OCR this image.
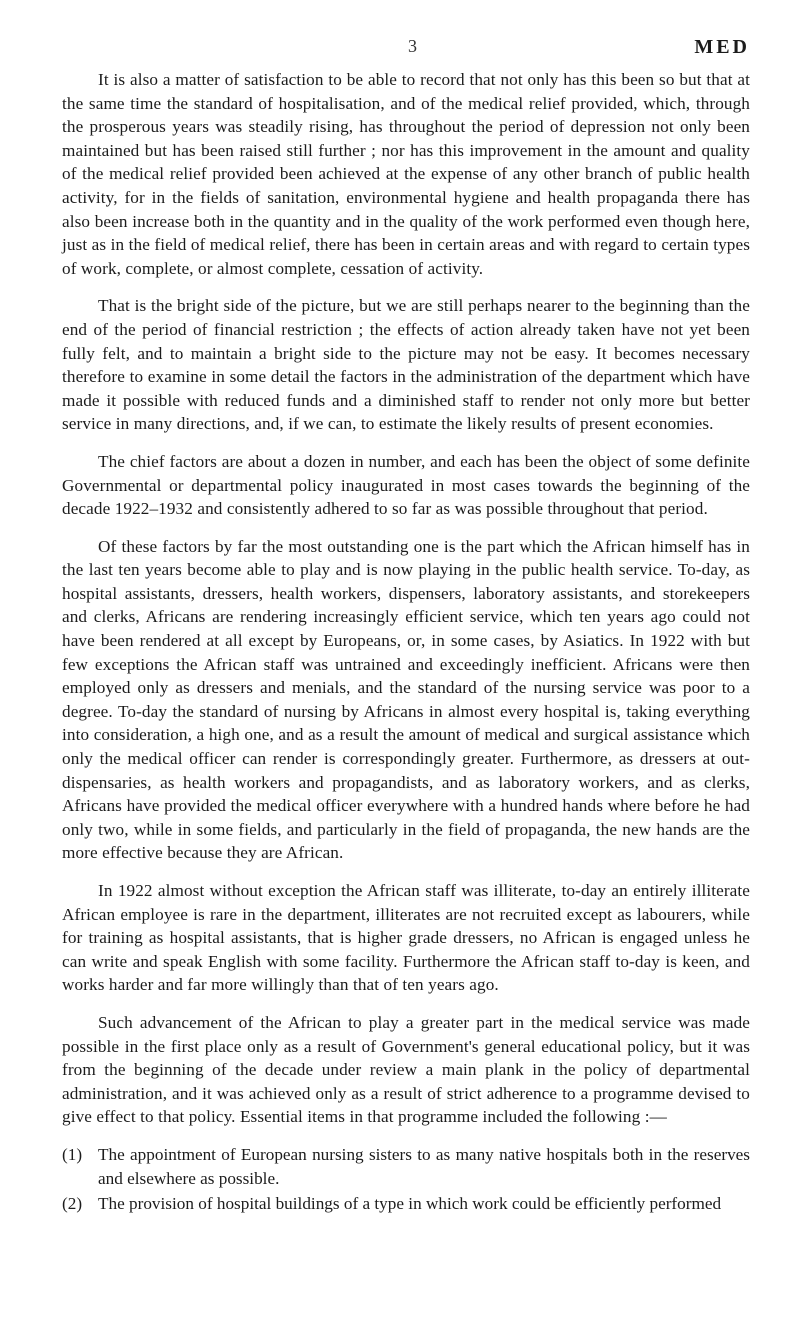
3	MED

It is also a matter of satisfaction to be able to record that not only has this been so but that at the same time the standard of hospitalisation, and of the medical relief provided, which, through the prosperous years was steadily rising, has throughout the period of depression not only been maintained but has been raised still further ; nor has this improvement in the amount and quality of the medical relief provided been achieved at the expense of any other branch of public health activity, for in the fields of sanitation, environmental hygiene and health propaganda there has also been increase both in the quantity and in the quality of the work performed even though here, just as in the field of medical relief, there has been in certain areas and with regard to certain types of work, complete, or almost complete, cessation of activity.

That is the bright side of the picture, but we are still perhaps nearer to the beginning than the end of the period of financial restriction ; the effects of action already taken have not yet been fully felt, and to maintain a bright side to the picture may not be easy. It becomes necessary therefore to examine in some detail the factors in the administration of the department which have made it possible with reduced funds and a diminished staff to render not only more but better service in many directions, and, if we can, to estimate the likely results of present economies.

The chief factors are about a dozen in number, and each has been the object of some definite Governmental or departmental policy inaugurated in most cases towards the beginning of the decade 1922–1932 and consistently adhered to so far as was possible throughout that period.

Of these factors by far the most outstanding one is the part which the African himself has in the last ten years become able to play and is now playing in the public health service. To-day, as hospital assistants, dressers, health workers, dispensers, laboratory assistants, and storekeepers and clerks, Africans are rendering increasingly efficient service, which ten years ago could not have been rendered at all except by Europeans, or, in some cases, by Asiatics. In 1922 with but few exceptions the African staff was untrained and exceedingly inefficient. Africans were then employed only as dressers and menials, and the standard of the nursing service was poor to a degree. To-day the standard of nursing by Africans in almost every hospital is, taking everything into consideration, a high one, and as a result the amount of medical and surgical assistance which only the medical officer can render is correspondingly greater. Furthermore, as dressers at out-dispensaries, as health workers and propagandists, and as laboratory workers, and as clerks, Africans have provided the medical officer everywhere with a hundred hands where before he had only two, while in some fields, and particularly in the field of propaganda, the new hands are the more effective because they are African.

In 1922 almost without exception the African staff was illiterate, to-day an entirely illiterate African employee is rare in the department, illiterates are not recruited except as labourers, while for training as hospital assistants, that is higher grade dressers, no African is engaged unless he can write and speak English with some facility. Furthermore the African staff to-day is keen, and works harder and far more willingly than that of ten years ago.

Such advancement of the African to play a greater part in the medical service was made possible in the first place only as a result of Government's general educational policy, but it was from the beginning of the decade under review a main plank in the policy of departmental administration, and it was achieved only as a result of strict adherence to a programme devised to give effect to that policy. Essential items in that programme included the following :—

(1) The appointment of European nursing sisters to as many native hospitals both in the reserves and elsewhere as possible.

(2) The provision of hospital buildings of a type in which work could be efficiently performed
